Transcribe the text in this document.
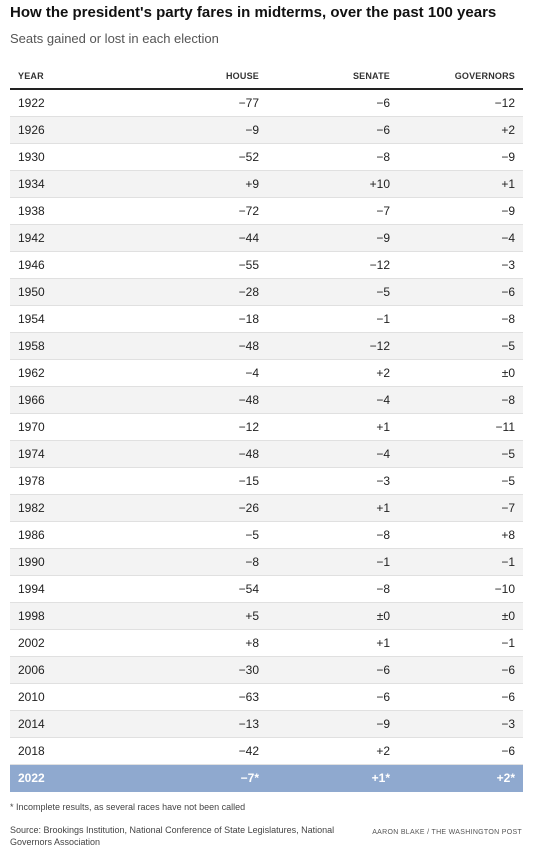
How the president's party fares in midterms, over the past 100 years
Seats gained or lost in each election
YEAR	HOUSE	SENATE	GOVERNORS
1922	−77	−6	−12
1926	−9	−6	+2
1930	−52	−8	−9
1934	+9	+10	+1
1938	−72	−7	−9
1942	−44	−9	−4
1946	−55	−12	−3
1950	−28	−5	−6
1954	−18	−1	−8
1958	−48	−12	−5
1962	−4	+2	±0
1966	−48	−4	−8
1970	−12	+1	−11
1974	−48	−4	−5
1978	−15	−3	−5
1982	−26	+1	−7
1986	−5	−8	+8
1990	−8	−1	−1
1994	−54	−8	−10
1998	+5	±0	±0
2002	+8	+1	−1
2006	−30	−6	−6
2010	−63	−6	−6
2014	−13	−9	−3
2018	−42	+2	−6
2022	−7*	+1*	+2*
* Incomplete results, as several races have not been called
Source: Brookings Institution, National Conference of State Legislatures, National Governors Association
AARON BLAKE / THE WASHINGTON POST
